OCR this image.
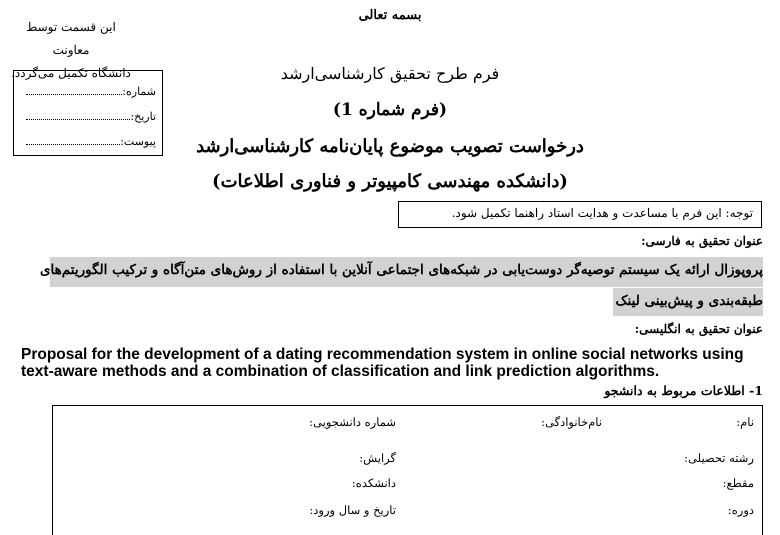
بسمه تعالی
این قسمت توسط معاونت
دانشگاه تکمیل می‌گردد.
شماره:
تاریخ:
پیوست:
فرم طرح تحقیق کارشناسی‌ارشد
(فرم شماره 1)
درخواست تصویب موضوع پایان‌نامه کارشناسی‌ارشد
(دانشکده مهندسی کامپیوتر و فناوری اطلاعات)
توجه: این فرم با مساعدت و هدایت استاد راهنما تکمیل شود.
عنوان تحقیق به فارسی:
پروپوزال ارائه یک سیستم توصیه‌گر دوست‌یابی در شبکه‌های اجتماعی آنلاین با استفاده از روش‌های متن‌آگاه و ترکیب الگوریتم‌های
طبقه‌بندی و پیش‌بینی لینک
عنوان تحقیق به انگلیسی:
Proposal for the development of a dating recommendation system in online social networks using text-aware methods and a combination of classification and link prediction algorithms.
1- اطلاعات مربوط به دانشجو
نام:
نام‌خانوادگی:
شماره دانشجویی:
رشته تحصیلی:
گرایش:
مقطع:
دانشکده:
دوره:
تاریخ و سال ورود:
